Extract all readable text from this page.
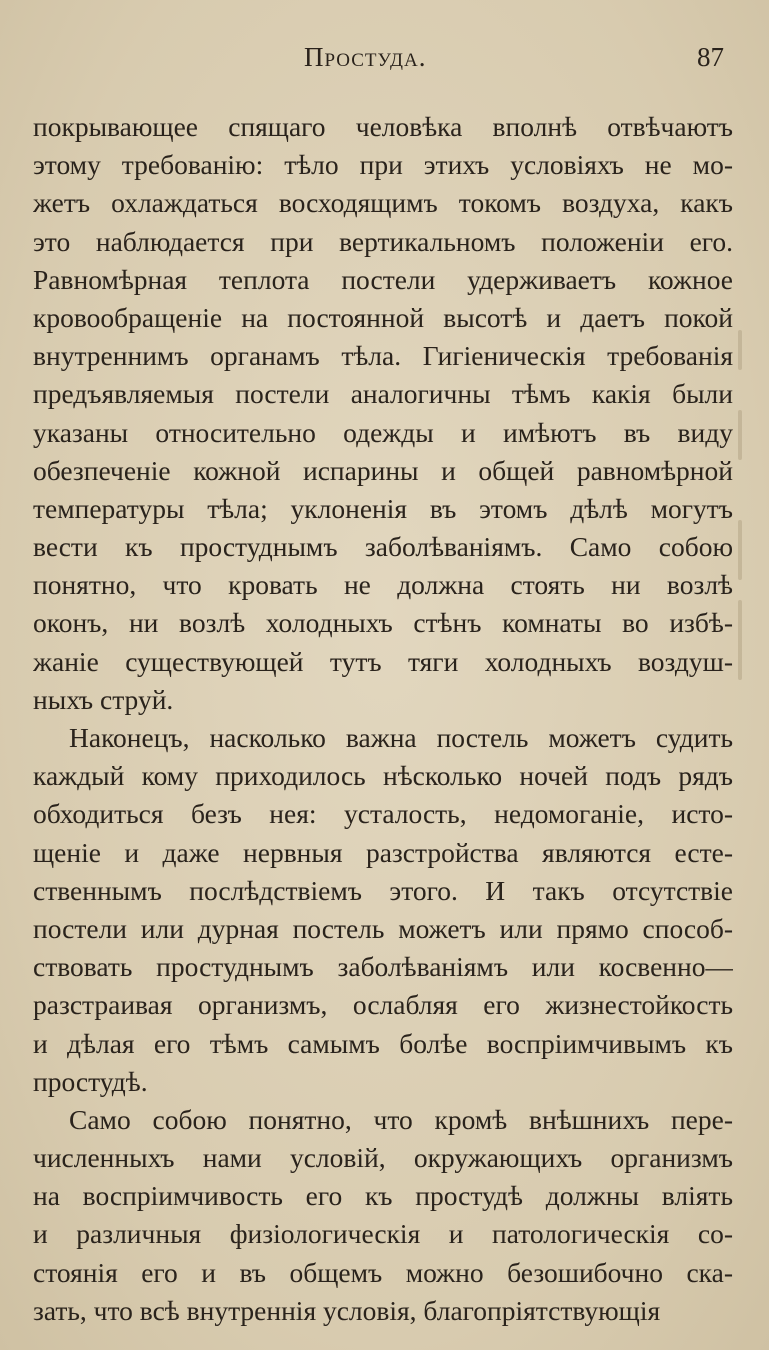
Простуда.	87
покрывающее спящаго человѣка вполнѣ отвѣчаютъ
этому требованію: тѣло при этихъ условіяхъ не мо-
жетъ охлаждаться восходящимъ токомъ воздуха, какъ
это наблюдается при вертикальномъ положеніи его.
Равномѣрная теплота постели удерживаетъ кожное
кровообращеніе на постоянной высотѣ и даетъ покой
внутреннимъ органамъ тѣла. Гигіеническія требованія
предъявляемыя постели аналогичны тѣмъ какія были
указаны относительно одежды и имѣютъ въ виду
обезпеченіе кожной испарины и общей равномѣрной
температуры тѣла; уклоненія въ этомъ дѣлѣ могутъ
вести къ простуднымъ заболѣваніямъ. Само собою
понятно, что кровать не должна стоять ни возлѣ
оконъ, ни возлѣ холодныхъ стѣнъ комнаты во избѣ-
жаніе существующей тутъ тяги холодныхъ воздуш-
ныхъ струй.
Наконецъ, насколько важна постель можетъ судить
каждый кому приходилось нѣсколько ночей подъ рядъ
обходиться безъ нея: усталость, недомоганіе, исто-
щеніе и даже нервныя разстройства являются есте-
ственнымъ послѣдствіемъ этого. И такъ отсутствіе
постели или дурная постель можетъ или прямо способ-
ствовать простуднымъ заболѣваніямъ или косвенно—
разстраивая организмъ, ослабляя его жизнестойкость
и дѣлая его тѣмъ самымъ болѣе воспріимчивымъ къ
простудѣ.
Само собою понятно, что кромѣ внѣшнихъ пере-
численныхъ нами условій, окружающихъ организмъ
на воспріимчивость его къ простудѣ должны вліять
и различныя физіологическія и патологическія со-
стоянія его и въ общемъ можно безошибочно ска-
зать, что всѣ внутреннія условія, благопріятствующія
